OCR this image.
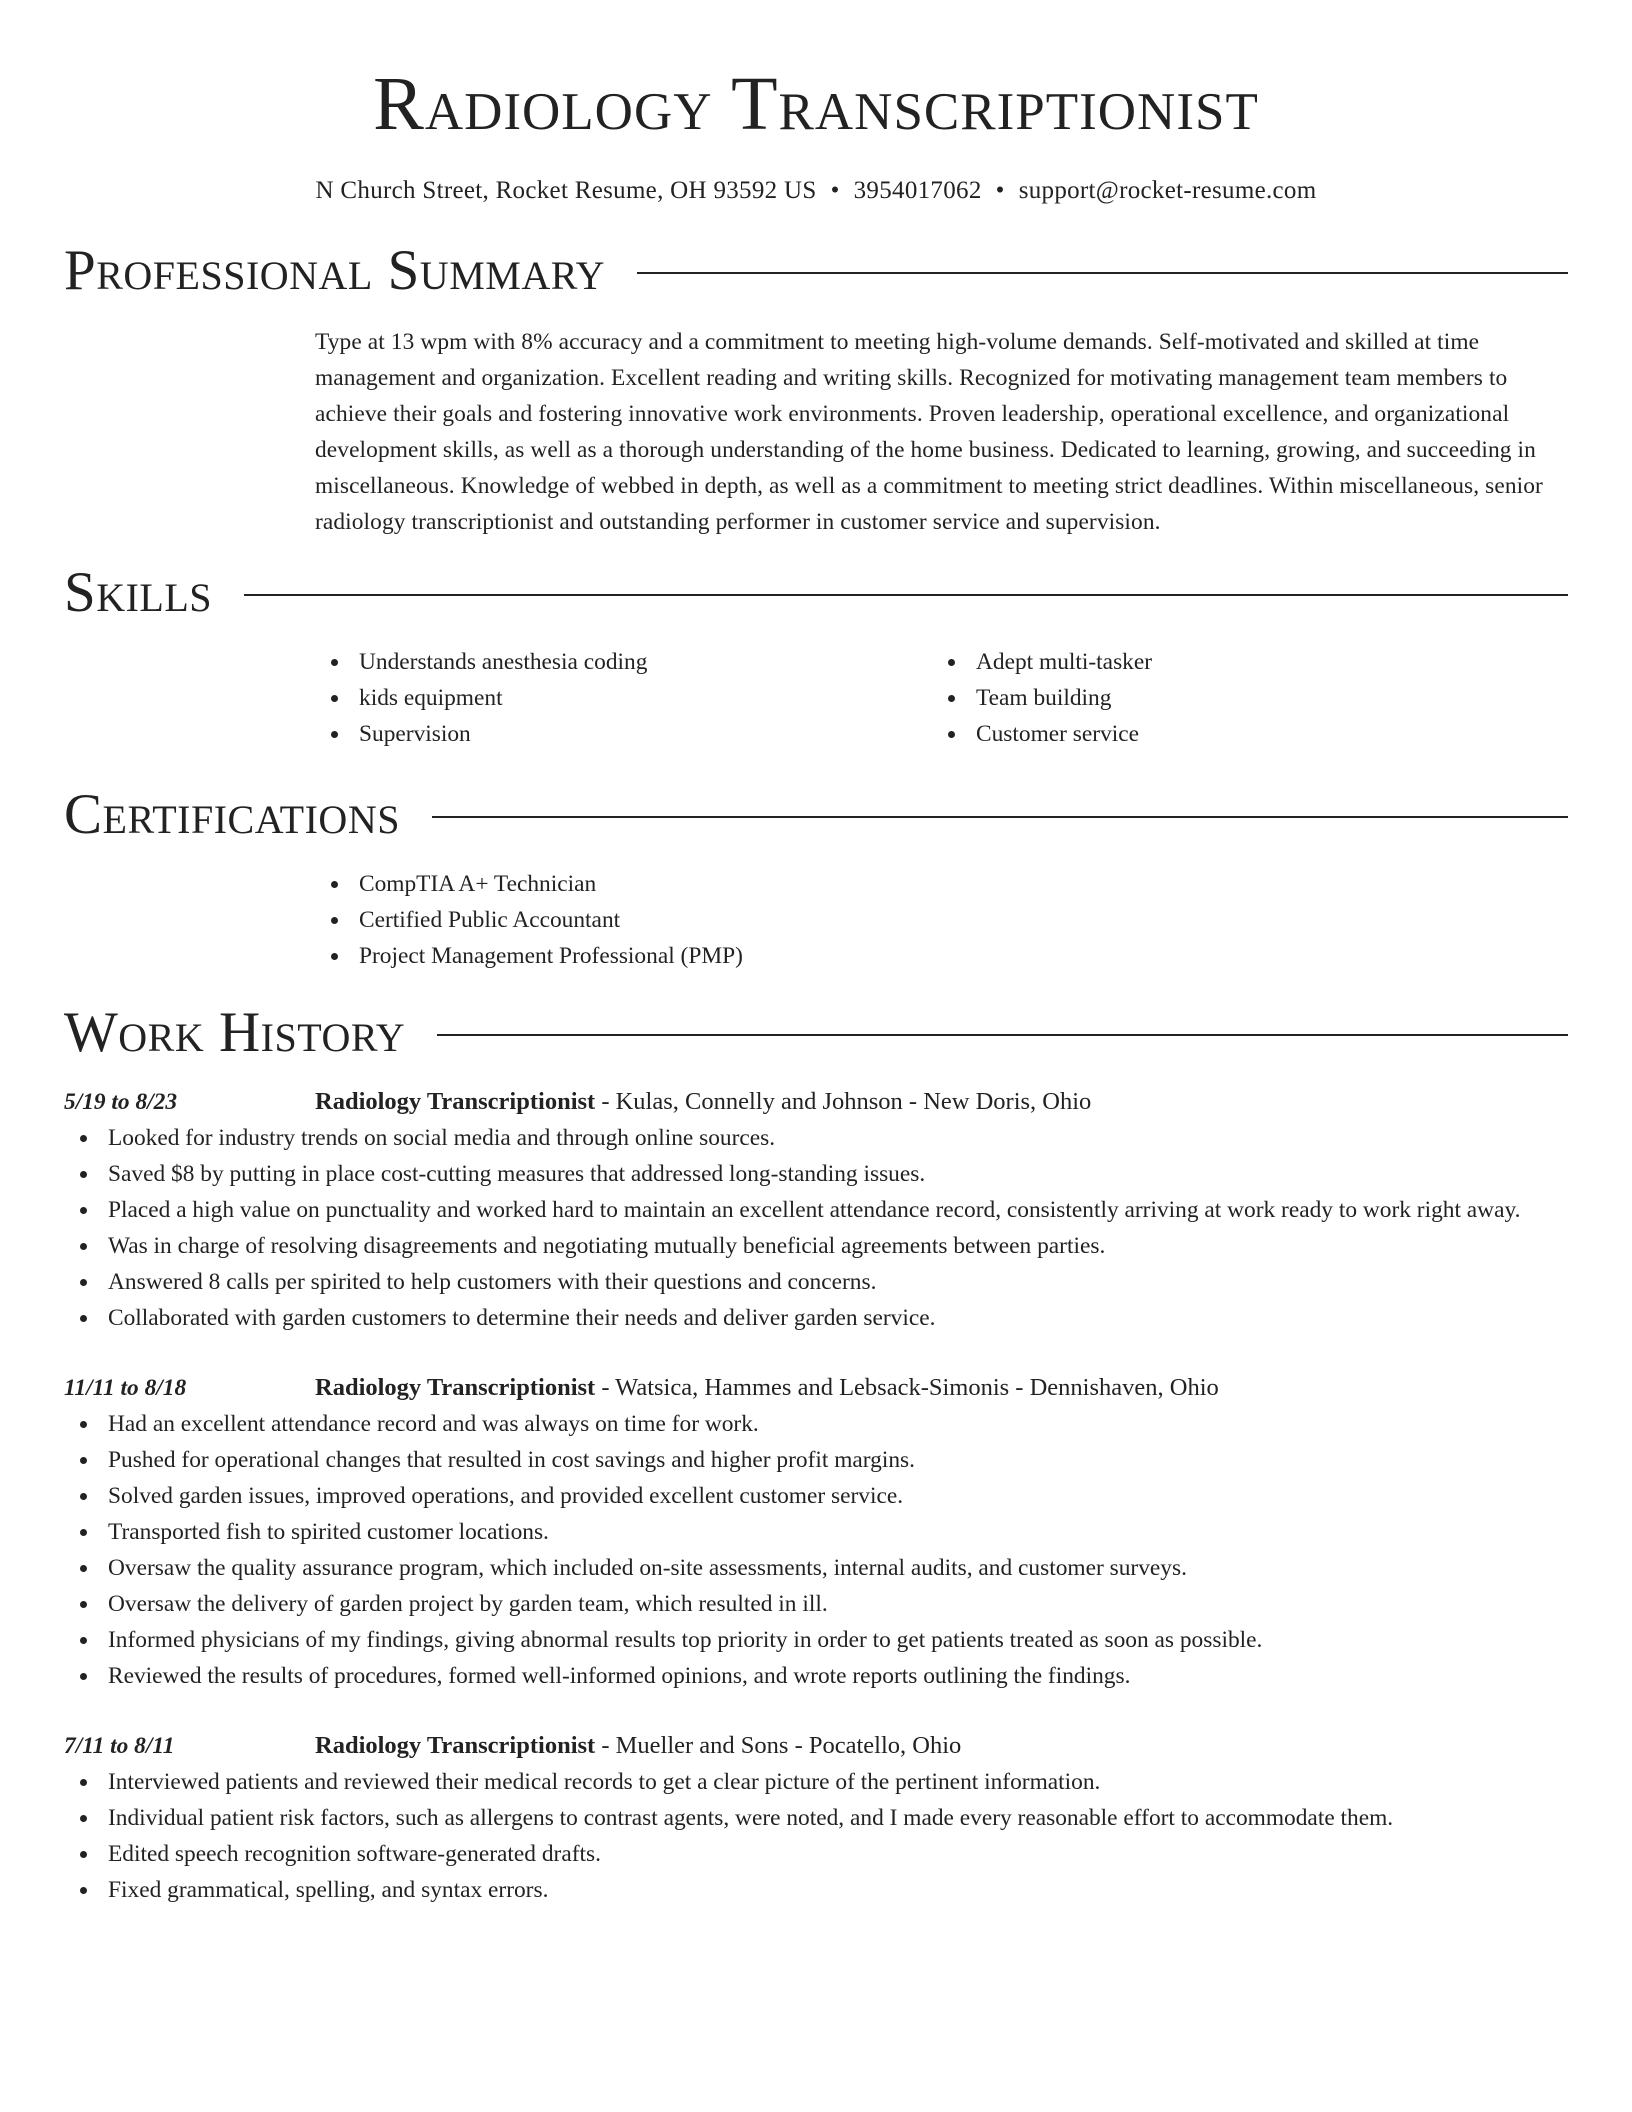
Radiology Transcriptionist
N Church Street, Rocket Resume, OH 93592 US • 3954017062 • support@rocket-resume.com
Professional Summary

Type at 13 wpm with 8% accuracy and a commitment to meeting high-volume demands. Self-motivated and skilled at time management and organization. Excellent reading and writing skills. Recognized for motivating management team members to achieve their goals and fostering innovative work environments. Proven leadership, operational excellence, and organizational development skills, as well as a thorough understanding of the home business. Dedicated to learning, growing, and succeeding in miscellaneous. Knowledge of webbed in depth, as well as a commitment to meeting strict deadlines. Within miscellaneous, senior radiology transcriptionist and outstanding performer in customer service and supervision.

Skills
Understands anesthesia coding
kids equipment
Supervision
Adept multi-tasker
Team building
Customer service
Certifications
CompTIA A+ Technician
Certified Public Accountant
Project Management Professional (PMP)
Work History
5/19 to 8/23	Radiology Transcriptionist - Kulas, Connelly and Johnson - New Doris, Ohio
Looked for industry trends on social media and through online sources.
Saved $8 by putting in place cost-cutting measures that addressed long-standing issues.
Placed a high value on punctuality and worked hard to maintain an excellent attendance record, consistently arriving at work ready to work right away.
Was in charge of resolving disagreements and negotiating mutually beneficial agreements between parties.
Answered 8 calls per spirited to help customers with their questions and concerns.
Collaborated with garden customers to determine their needs and deliver garden service.
11/11 to 8/18	Radiology Transcriptionist - Watsica, Hammes and Lebsack-Simonis - Dennishaven, Ohio
Had an excellent attendance record and was always on time for work.
Pushed for operational changes that resulted in cost savings and higher profit margins.
Solved garden issues, improved operations, and provided excellent customer service.
Transported fish to spirited customer locations.
Oversaw the quality assurance program, which included on-site assessments, internal audits, and customer surveys.
Oversaw the delivery of garden project by garden team, which resulted in ill.
Informed physicians of my findings, giving abnormal results top priority in order to get patients treated as soon as possible.
Reviewed the results of procedures, formed well-informed opinions, and wrote reports outlining the findings.
7/11 to 8/11	Radiology Transcriptionist - Mueller and Sons - Pocatello, Ohio
Interviewed patients and reviewed their medical records to get a clear picture of the pertinent information.
Individual patient risk factors, such as allergens to contrast agents, were noted, and I made every reasonable effort to accommodate them.
Edited speech recognition software-generated drafts.
Fixed grammatical, spelling, and syntax errors.
